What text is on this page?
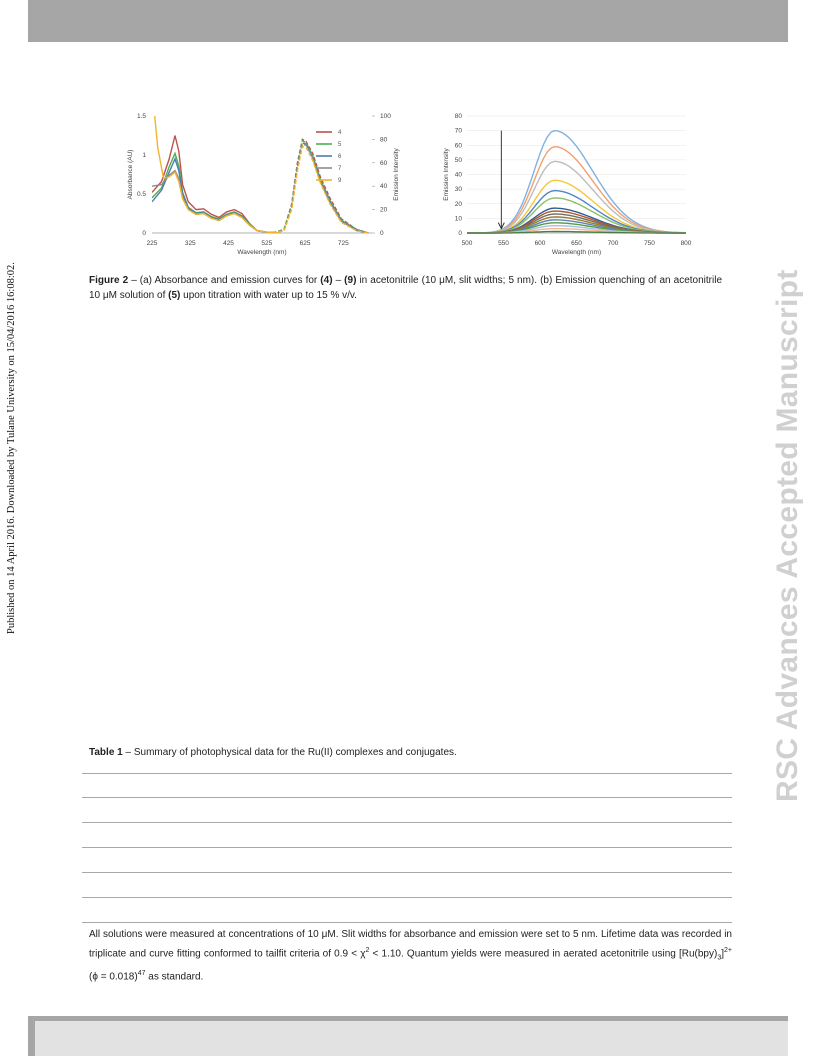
Published on 14 April 2016. Downloaded by Tulane University on 15/04/2016 16:08:02.	RSC Advances Accepted Manuscript
225	325	425	525	625	725
0
0.5
1
1.5
0
20
40
60
80
100
Wavelength (nm)
Absorbance (AU)	Emission Intensity
4
5
6
7
9
500	550	600	650	700	750	800
0
10
20
30
40
50
60
70
80
Wavelength (nm)
Emission Intensity
Figure 2 – (a) Absorbance and emission curves for (4) – (9) in acetonitrile (10 μM, slit widths; 5 nm). (b) Emission quenching of an acetonitrile 10 μM solution of (5) upon titration with water up to 15 % v/v.
Table 1 – Summary of photophysical data for the Ru(II) complexes and conjugates.
All solutions were measured at concentrations of 10 μM. Slit widths for absorbance and emission were set to 5 nm. Lifetime data was recorded in triplicate and curve fitting conformed to tailfit criteria of $0.9 < \chi^2 < 1.10$. Quantum yields were measured in aerated acetonitrile using $[Ru(bpy)_3]^{2+}$ (ϕ = 0.018)$^{47}$ as standard.
